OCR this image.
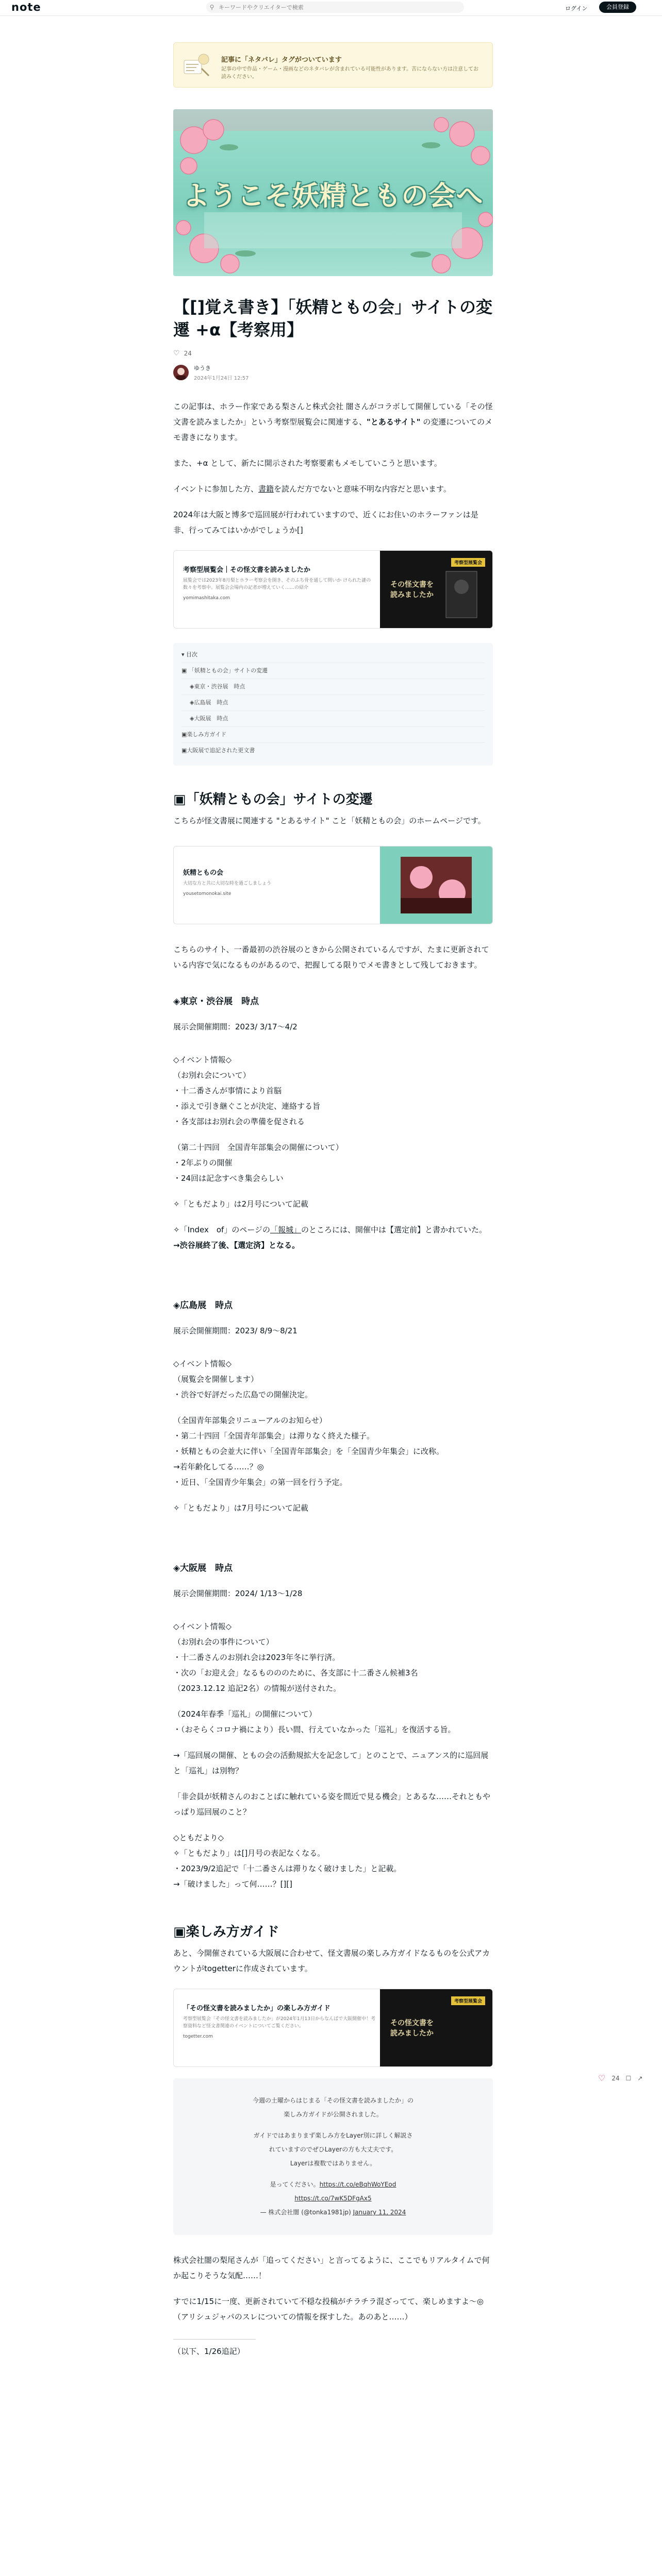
note	⚲
キーワードやクリエイターで検索	ログイン	会員登録
記事に「ネタバレ」タグがついています
記事の中で作品・ゲーム・漫画などのネタバレが含まれている可能性があります。苦にならない方は注意してお読みください。
ようこそ妖精ともの会へ
【[]覚え書き】「妖精ともの会」サイトの変遷 +α【考察用】
♡ 24
ゆうき
2024年1月24日 12:57

この記事は、ホラー作家である梨さんと株式会社 闇さんがコラボして開催している「その怪文書を読みましたか」という考察型展覧会に関連する、"とあるサイト" の変遷についてのメモ書きになります。

また、+α として、新たに開示された考察要素もメモしていこうと思います。

イベントに参加した方、書籍を読んだ方でないと意味不明な内容だと思います。

2024年は大阪と博多で巡回展が行われていますので、近くにお住いのホラーファンは是非、行ってみてはいかがでしょうか[]

考察型展覧会｜その怪文書を読みましたか
展覧会では2023年8月梨とホラー考察会を開き、そのふち骨を通して問いか けられた謎の数々を考察中。展覧会会場内の記者が増えていく……の紹介
yomimashitaka.com
考察型展覧会
その怪文書を読みましたか
▾ 目次
▣ 「妖精ともの会」サイトの変遷
◈東京・渋谷展　時点
◈広島展　時点
◈大阪展　時点
▣楽しみ方ガイド
▣大阪展で追記された更文書
▣「妖精ともの会」サイトの変遷

こちらが怪文書展に関連する "とあるサイト" こと「妖精ともの会」のホームページです。

妖精ともの会
大切な方と共に大切な時を過ごしましょう
yousetomonokai.site

こちらのサイト、一番最初の渋谷展のときから公開されているんですが、たまに更新されている内容で気になるものがあるので、把握してる限りでメモ書きとして残しておきます。

◈東京・渋谷展　時点

展示会開催期間：2023/ 3/17〜4/2

◇イベント情報◇

（お別れ会について）

・十二番さんが事情により首脳

・添えで引き継ぐことが決定、連絡する旨

・各支部はお別れ会の準備を促される

（第二十四回　全国青年部集会の開催について）

・2年ぶりの開催

・24回は記念すべき集会らしい

✧「ともだより」は2月号について記載

✧「Index　of」のページの「報城」のところには、開催中は【選定前】と書かれていた。

→渋谷展終了後、【選定済】となる。

◈広島展　時点

展示会開催期間：2023/ 8/9〜8/21

◇イベント情報◇

（展覧会を開催します）

・渋谷で好評だった広島での開催決定。

（全国青年部集会リニューアルのお知らせ）

・第二十四回「全国青年部集会」は滞りなく終えた様子。

・妖精ともの会並大に伴い「全国青年部集会」を「全国青少年集会」に改称。

→若年齢化してる……？◎

・近日、「全国青少年集会」の第一回を行う予定。

✧「ともだより」は7月号について記載

◈大阪展　時点

展示会開催期間：2024/ 1/13〜1/28

◇イベント情報◇

（お別れ会の事件について）

・十二番さんのお別れ会は2023年冬に挙行済。

・次の「お迎え会」なるものののために、各支部に十二番さん候補3名

（2023.12.12 追記2名）の情報が送付された。

（2024年春季「巡礼」の開催について）

・（おそらくコロナ禍により）長い間、行えていなかった「巡礼」を復活する旨。

→「巡回展の開催、ともの会の活動規拡大を記念して」とのことで、ニュアンス的に巡回展と「巡礼」は別物？

「非会員が妖精さんのおことばに触れている姿を間近で見る機会」とあるな……それともやっぱり巡回展のこと？

◇ともだより◇

✧「ともだより」は[]月号の表記なくなる。

・2023/9/2追記で「十二番さんは滞りなく破けました」と記載。

→「破けました」って何……？[][]

▣楽しみ方ガイド

あと、今開催されている大阪展に合わせて、怪文書展の楽しみ方ガイドなるものを公式アカウントがtogetterに作成されています。

「その怪文書を読みましたか」の楽しみ方ガイド
考察型展覧会「その怪文書を読みましたか」が2024年1月13日からなんばで大阪開催中！考察資料など怪文書関連のイベントについてご覧ください。
togetter.com
考察型展覧会
その怪文書を読みましたか
今週の土曜からはじまる「その怪文書を読みましたか」の
楽しみ方ガイドが公開されました。
ガイドではあまりまず楽しみ方をLayer別に詳しく解説さ
れていますのでぜひLayerの方も大丈夫です。
Layerは複数ではありません。
是ってください。https://t.co/eBqhWoYEod
https://t.co/7wK5DFgAx5
— 株式会社闇 (@tonka1981jp) January 11, 2024

株式会社闇の梨尾さんが「追ってください」と言ってるように、ここでもリアルタイムで何か起こりそうな気配……！

すでに1/15に一度、更新されていて不穏な投稿がチラチラ混ざってて、楽しめますよ〜◎

（アリシュジャパのスレについての情報を探すした。あのあと……）

（以下、1/26追記）

♡ 24 ☐ ↗
